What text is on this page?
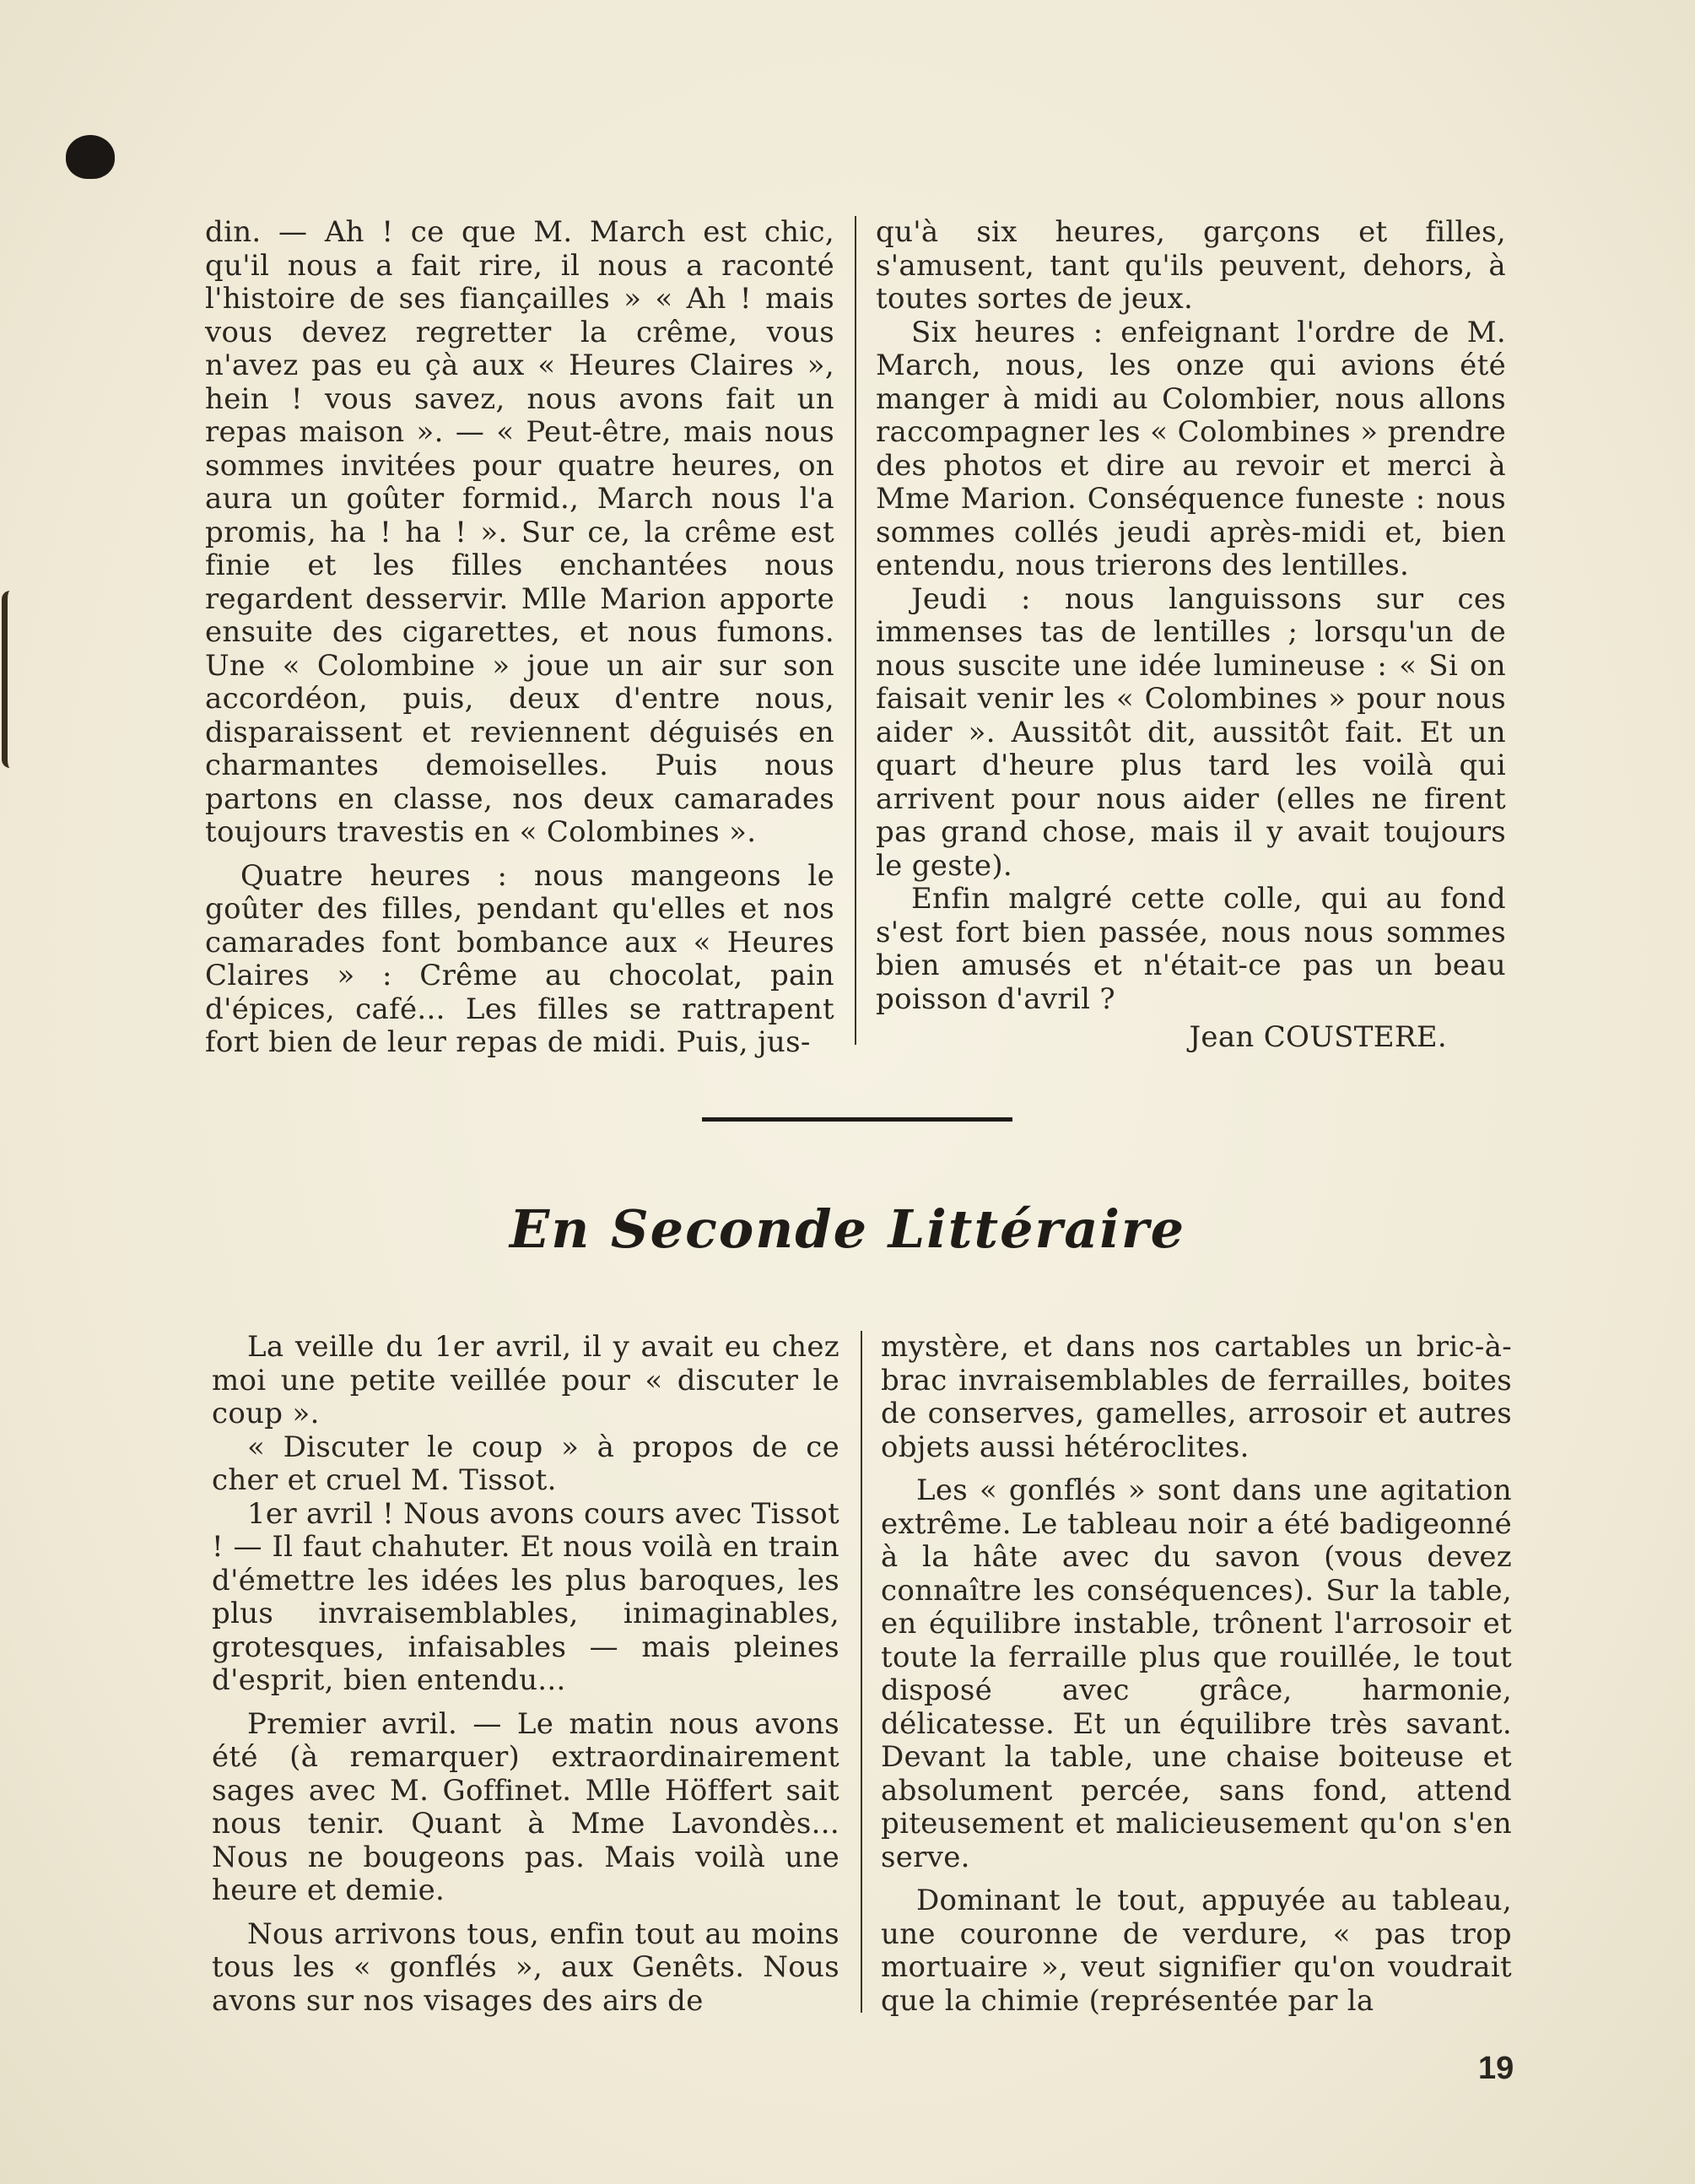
din. — Ah ! ce que M. March est chic, qu'il nous a fait rire, il nous a raconté l'histoire de ses fiançailles » « Ah ! mais vous devez regretter la crême, vous n'avez pas eu çà aux « Heures Claires », hein ! vous savez, nous avons fait un repas maison ». — « Peut-être, mais nous sommes invitées pour quatre heures, on aura un goûter formid., March nous l'a promis, ha ! ha ! ». Sur ce, la crême est finie et les filles enchantées nous regardent desservir. Mlle Marion apporte ensuite des cigarettes, et nous fumons. Une « Colombine » joue un air sur son accordéon, puis, deux d'entre nous, disparaissent et reviennent déguisés en charmantes demoiselles. Puis nous partons en classe, nos deux camarades toujours travestis en « Colombines ».

Quatre heures : nous mangeons le goûter des filles, pendant qu'elles et nos camarades font bombance aux « Heures Claires » : Crême au chocolat, pain d'épices, café... Les filles se rattrapent fort bien de leur repas de midi. Puis, jus-

qu'à six heures, garçons et filles, s'amusent, tant qu'ils peuvent, dehors, à toutes sortes de jeux.

Six heures : enfeignant l'ordre de M. March, nous, les onze qui avions été manger à midi au Colombier, nous allons raccompagner les « Colombines » prendre des photos et dire au revoir et merci à Mme Marion. Conséquence funeste : nous sommes collés jeudi après-midi et, bien entendu, nous trierons des lentilles.

Jeudi : nous languissons sur ces immenses tas de lentilles ; lorsqu'un de nous suscite une idée lumineuse : « Si on faisait venir les « Colombines » pour nous aider ». Aussitôt dit, aussitôt fait. Et un quart d'heure plus tard les voilà qui arrivent pour nous aider (elles ne firent pas grand chose, mais il y avait toujours le geste).

Enfin malgré cette colle, qui au fond s'est fort bien passée, nous nous sommes bien amusés et n'était-ce pas un beau poisson d'avril ?

Jean COUSTERE.

En Seconde Littéraire

La veille du 1er avril, il y avait eu chez moi une petite veillée pour « discuter le coup ».

« Discuter le coup » à propos de ce cher et cruel M. Tissot.

1er avril ! Nous avons cours avec Tissot ! — Il faut chahuter. Et nous voilà en train d'émettre les idées les plus baroques, les plus invraisemblables, inimaginables, grotesques, infaisables — mais pleines d'esprit, bien entendu...

Premier avril. — Le matin nous avons été (à remarquer) extraordinairement sages avec M. Goffinet. Mlle Höffert sait nous tenir. Quant à Mme Lavondès... Nous ne bougeons pas. Mais voilà une heure et demie.

Nous arrivons tous, enfin tout au moins tous les « gonflés », aux Genêts. Nous avons sur nos visages des airs de

mystère, et dans nos cartables un bric-à-brac invraisemblables de ferrailles, boites de conserves, gamelles, arrosoir et autres objets aussi hétéroclites.

Les « gonflés » sont dans une agitation extrême. Le tableau noir a été badigeonné à la hâte avec du savon (vous devez connaître les conséquences). Sur la table, en équilibre instable, trônent l'arrosoir et toute la ferraille plus que rouillée, le tout disposé avec grâce, harmonie, délicatesse. Et un équilibre très savant. Devant la table, une chaise boiteuse et absolument percée, sans fond, attend piteusement et malicieusement qu'on s'en serve.

Dominant le tout, appuyée au tableau, une couronne de verdure, « pas trop mortuaire », veut signifier qu'on voudrait que la chimie (représentée par la

19
